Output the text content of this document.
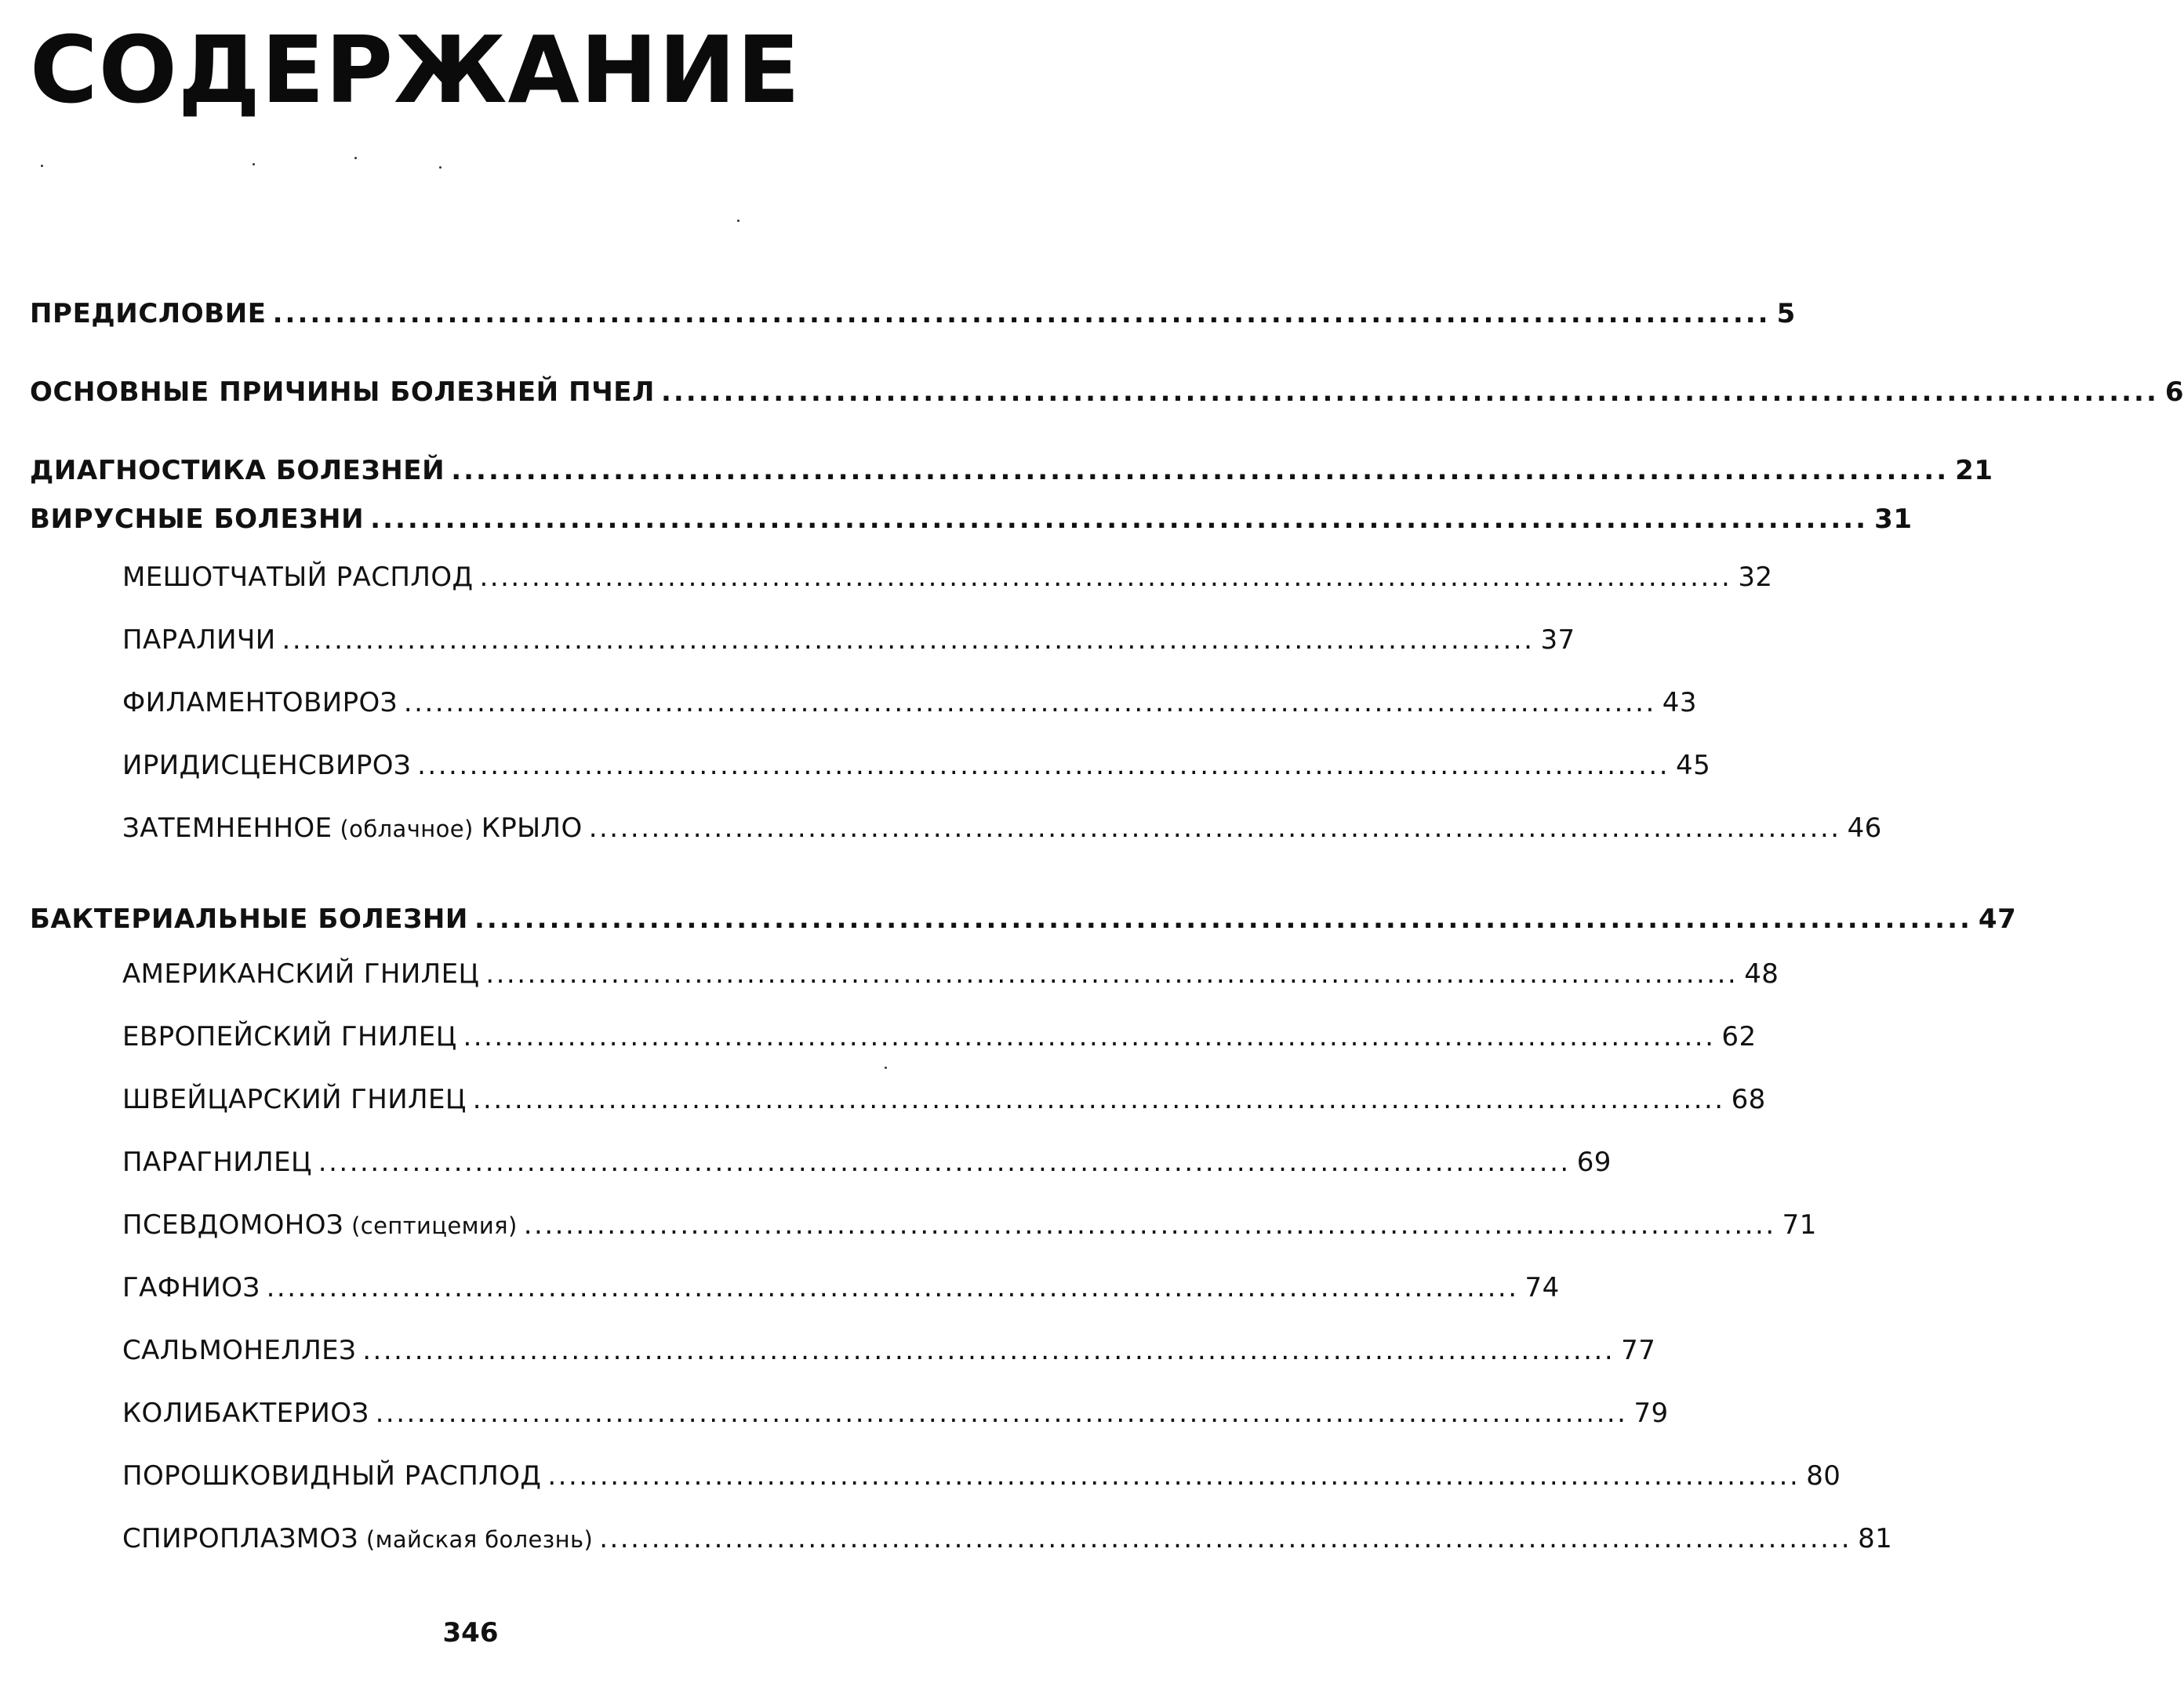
СОДЕРЖАНИЕ
ПРЕДИСЛОВИЕ ........................................................................................................................ 5
ОСНОВНЫЕ ПРИЧИНЫ БОЛЕЗНЕЙ ПЧЕЛ ........................................................................................................................ 6
ДИАГНОСТИКА БОЛЕЗНЕЙ ........................................................................................................................ 21
ВИРУСНЫЕ БОЛЕЗНИ ........................................................................................................................ 31
МЕШОТЧАТЫЙ РАСПЛОД ........................................................................................................................ 32
ПАРАЛИЧИ ........................................................................................................................ 37
ФИЛАМЕНТОВИРОЗ ........................................................................................................................ 43
ИРИДИСЦЕНСВИРОЗ ........................................................................................................................ 45
ЗАТЕМНЕННОЕ (облачное) КРЫЛО ........................................................................................................................ 46
БАКТЕРИАЛЬНЫЕ БОЛЕЗНИ ........................................................................................................................ 47
АМЕРИКАНСКИЙ ГНИЛЕЦ ........................................................................................................................ 48
ЕВРОПЕЙСКИЙ ГНИЛЕЦ ........................................................................................................................ 62
ШВЕЙЦАРСКИЙ ГНИЛЕЦ ........................................................................................................................ 68
ПАРАГНИЛЕЦ ........................................................................................................................ 69
ПСЕВДОМОНОЗ (септицемия) ........................................................................................................................ 71
ГАФНИОЗ ........................................................................................................................ 74
САЛЬМОНЕЛЛЕЗ ........................................................................................................................ 77
КОЛИБАКТЕРИОЗ ........................................................................................................................ 79
ПОРОШКОВИДНЫЙ РАСПЛОД ........................................................................................................................ 80
СПИРОПЛАЗМОЗ (майская болезнь) ........................................................................................................................ 81
346
